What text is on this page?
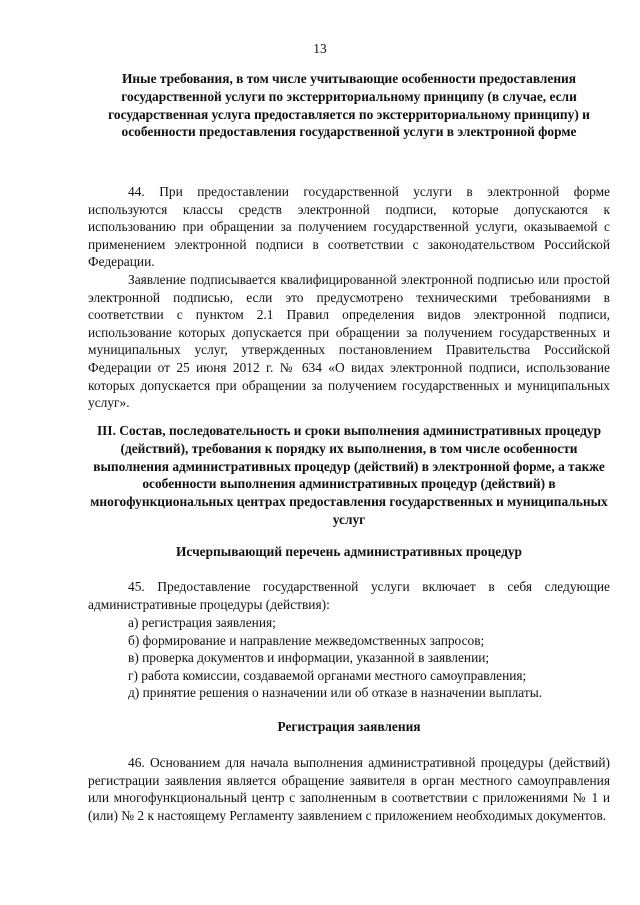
13

Иные требования, в том числе учитывающие особенности предоставления государственной услуги по экстерриториальному принципу (в случае, если государственная услуга предоставляется по экстерриториальному принципу) и особенности предоставления государственной услуги в электронной форме

44. При предоставлении государственной услуги в электронной форме используются классы средств электронной подписи, которые допускаются к использованию при обращении за получением государственной услуги, оказываемой с применением электронной подписи в соответствии с законодательством Российской Федерации.

Заявление подписывается квалифицированной электронной подписью или простой электронной подписью, если это предусмотрено техническими требованиями в соответствии с пунктом 2.1 Правил определения видов электронной подписи, использование которых допускается при обращении за получением государственных и муниципальных услуг, утвержденных постановлением Правительства Российской Федерации от 25 июня 2012 г. № 634 «О видах электронной подписи, использование которых допускается при обращении за получением государственных и муниципальных услуг».

III. Состав, последовательность и сроки выполнения административных процедур (действий), требования к порядку их выполнения, в том числе особенности выполнения административных процедур (действий) в электронной форме, а также особенности выполнения административных процедур (действий) в многофункциональных центрах предоставления государственных и муниципальных услуг

Исчерпывающий перечень административных процедур

45. Предоставление государственной услуги включает в себя следующие административные процедуры (действия):

а) регистрация заявления;
б) формирование и направление межведомственных запросов;
в) проверка документов и информации, указанной в заявлении;
г) работа комиссии, создаваемой органами местного самоуправления;
д) принятие решения о назначении или об отказе в назначении выплаты.

Регистрация заявления

46. Основанием для начала выполнения административной процедуры (действий) регистрации заявления является обращение заявителя в орган местного самоуправления или многофункциональный центр с заполненным в соответствии с приложениями № 1 и (или) № 2 к настоящему Регламенту заявлением с приложением необходимых документов.
